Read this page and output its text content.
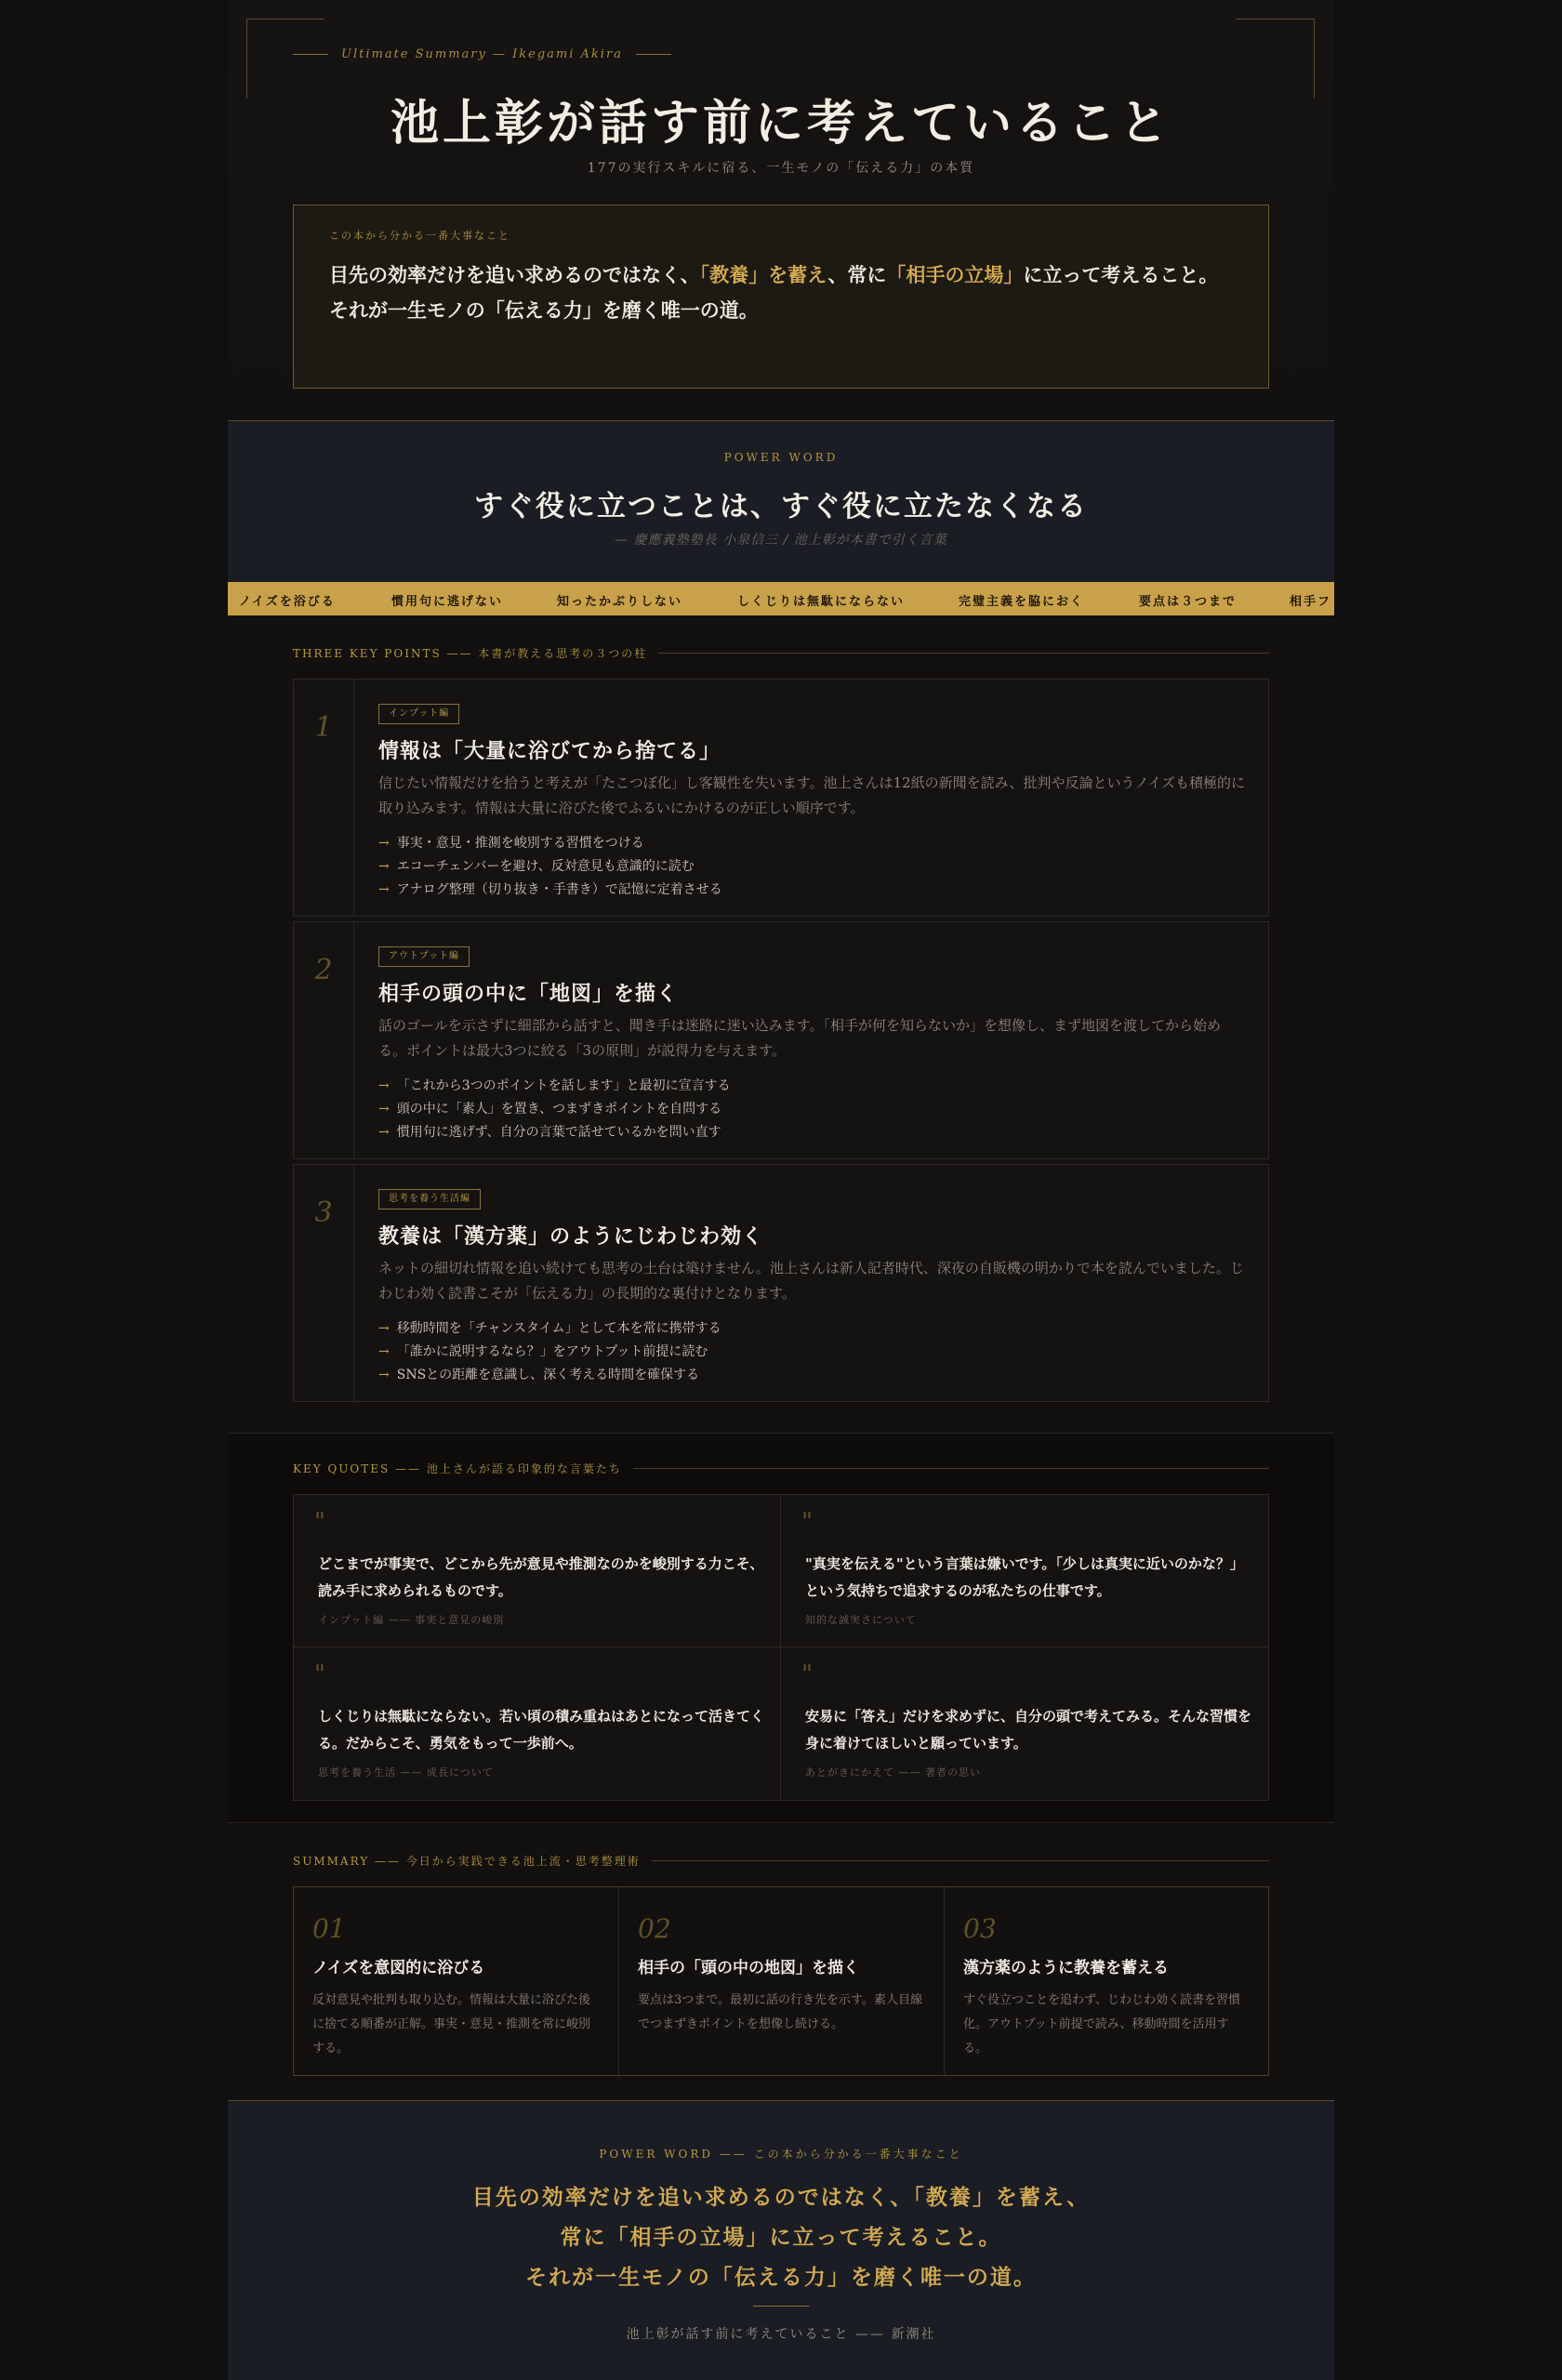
Ultimate Summary — Ikegami Akira
池上彰が話す前に考えていること
177の実行スキルに宿る、一生モノの「伝える力」の本質
この本から分かる一番大事なこと
目先の効率だけを追い求めるのではなく、「教養」を蓄え、常に「相手の立場」に立って考えること。
それが一生モノの「伝える力」を磨く唯一の道。
POWER WORD
すぐ役に立つことは、すぐ役に立たなくなる
— 慶應義塾塾長 小泉信三 / 池上彰が本書で引く言葉
ノイズを浴びる	慣用句に逃げない	知ったかぶりしない	しくじりは無駄にならない	完璧主義を脇におく	要点は３つまで	相手フ
THREE KEY POINTS —— 本書が教える思考の３つの柱
1	インプット編
情報は「大量に浴びてから捨てる」

信じたい情報だけを拾うと考えが「たこつぼ化」し客観性を失います。池上さんは12紙の新聞を読み、批判や反論というノイズも積極的に取り込みます。情報は大量に浴びた後でふるいにかけるのが正しい順序です。

→ 事実・意見・推測を峻別する習慣をつける
→ エコーチェンバーを避け、反対意見も意識的に読む
→ アナログ整理（切り抜き・手書き）で記憶に定着させる
2	アウトプット編
相手の頭の中に「地図」を描く

話のゴールを示さずに細部から話すと、聞き手は迷路に迷い込みます。「相手が何を知らないか」を想像し、まず地図を渡してから始める。ポイントは最大3つに絞る「3の原則」が説得力を与えます。

→ 「これから3つのポイントを話します」と最初に宣言する
→ 頭の中に「素人」を置き、つまずきポイントを自問する
→ 慣用句に逃げず、自分の言葉で話せているかを問い直す
3	思考を養う生活編
教養は「漢方薬」のようにじわじわ効く

ネットの細切れ情報を追い続けても思考の土台は築けません。池上さんは新人記者時代、深夜の自販機の明かりで本を読んでいました。じわじわ効く読書こそが「伝える力」の長期的な裏付けとなります。

→ 移動時間を「チャンスタイム」として本を常に携帯する
→ 「誰かに説明するなら？」をアウトプット前提に読む
→ SNSとの距離を意識し、深く考える時間を確保する
KEY QUOTES —— 池上さんが語る印象的な言葉たち
"
どこまでが事実で、どこから先が意見や推測なのかを峻別する力こそ、読み手に求められるものです。
インプット編 —— 事実と意見の峻別
"
"真実を伝える"という言葉は嫌いです。「少しは真実に近いのかな？」という気持ちで追求するのが私たちの仕事です。
知的な誠実さについて
"
しくじりは無駄にならない。若い頃の積み重ねはあとになって活きてくる。だからこそ、勇気をもって一歩前へ。
思考を養う生活 —— 成長について
"
安易に「答え」だけを求めずに、自分の頭で考えてみる。そんな習慣を身に着けてほしいと願っています。
あとがきにかえて —— 著者の思い
SUMMARY —— 今日から実践できる池上流・思考整理術
01
ノイズを意図的に浴びる
反対意見や批判も取り込む。情報は大量に浴びた後に捨てる順番が正解。事実・意見・推測を常に峻別する。
02
相手の「頭の中の地図」を描く
要点は3つまで。最初に話の行き先を示す。素人目線でつまずきポイントを想像し続ける。
03
漢方薬のように教養を蓄える
すぐ役立つことを追わず、じわじわ効く読書を習慣化。アウトプット前提で読み、移動時間を活用する。
POWER WORD —— この本から分かる一番大事なこと
目先の効率だけを追い求めるのではなく、「教養」を蓄え、
常に「相手の立場」に立って考えること。
それが一生モノの「伝える力」を磨く唯一の道。
池上彰が話す前に考えていること —— 新潮社
